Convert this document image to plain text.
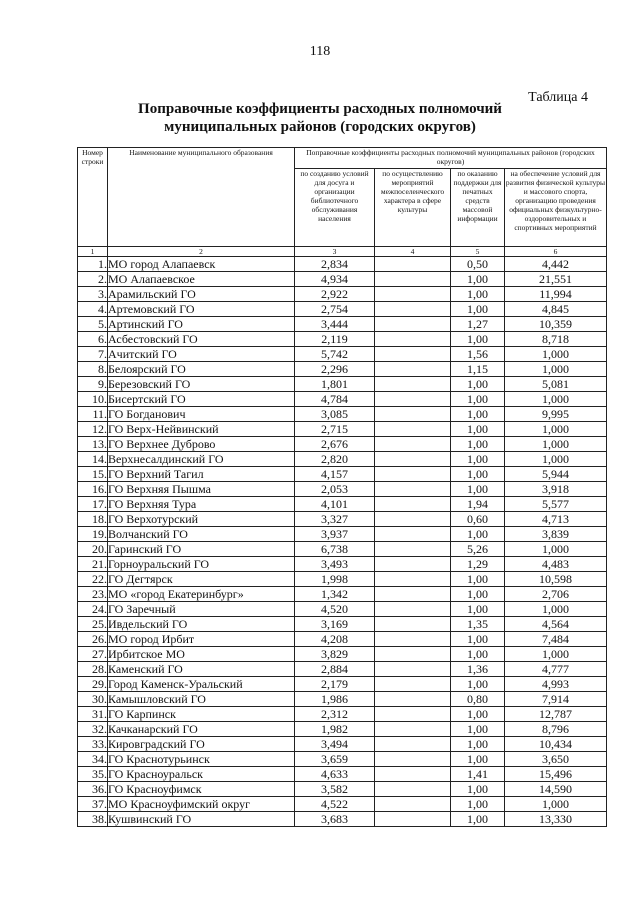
118
Таблица 4
Поправочные коэффициенты расходных полномочий
муниципальных районов (городских округов)
Номер строки	Наименование муниципального образования	Поправочные коэффициенты расходных полномочий муниципальных районов (городских округов)			
		по созданию условий для досуга и организации библиотечного обслуживания населения	по осуществлению мероприятий межпоселенческого характера в сфере культуры	по оказанию поддержки для печатных средств массовой информации	на обеспечение условий для развития физической культуры и массового спорта, организацию проведения официальных физкультурно-оздоровительных и спортивных мероприятий
1	2	3	4	5	6
1.	МО город Алапаевск	2,834		0,50	4,442
2.	МО Алапаевское	4,934		1,00	21,551
3.	Арамильский ГО	2,922		1,00	11,994
4.	Артемовский ГО	2,754		1,00	4,845
5.	Артинский ГО	3,444		1,27	10,359
6.	Асбестовский ГО	2,119		1,00	8,718
7.	Ачитский ГО	5,742		1,56	1,000
8.	Белоярский ГО	2,296		1,15	1,000
9.	Березовский ГО	1,801		1,00	5,081
10.	Бисертский ГО	4,784		1,00	1,000
11.	ГО Богданович	3,085		1,00	9,995
12.	ГО Верх-Нейвинский	2,715		1,00	1,000
13.	ГО Верхнее Дуброво	2,676		1,00	1,000
14.	Верхнесалдинский ГО	2,820		1,00	1,000
15.	ГО Верхний Тагил	4,157		1,00	5,944
16.	ГО Верхняя Пышма	2,053		1,00	3,918
17.	ГО Верхняя Тура	4,101		1,94	5,577
18.	ГО Верхотурский	3,327		0,60	4,713
19.	Волчанский ГО	3,937		1,00	3,839
20.	Гаринский ГО	6,738		5,26	1,000
21.	Горноуральский ГО	3,493		1,29	4,483
22.	ГО Дегтярск	1,998		1,00	10,598
23.	МО «город Екатеринбург»	1,342		1,00	2,706
24.	ГО Заречный	4,520		1,00	1,000
25.	Ивдельский ГО	3,169		1,35	4,564
26.	МО город Ирбит	4,208		1,00	7,484
27.	Ирбитское МО	3,829		1,00	1,000
28.	Каменский ГО	2,884		1,36	4,777
29.	Город Каменск-Уральский	2,179		1,00	4,993
30.	Камышловский ГО	1,986		0,80	7,914
31.	ГО Карпинск	2,312		1,00	12,787
32.	Качканарский ГО	1,982		1,00	8,796
33.	Кировградский ГО	3,494		1,00	10,434
34.	ГО Краснотурьинск	3,659		1,00	3,650
35.	ГО Красноуральск	4,633		1,41	15,496
36.	ГО Красноуфимск	3,582		1,00	14,590
37.	МО Красноуфимский округ	4,522		1,00	1,000
38.	Кушвинский ГО	3,683		1,00	13,330
